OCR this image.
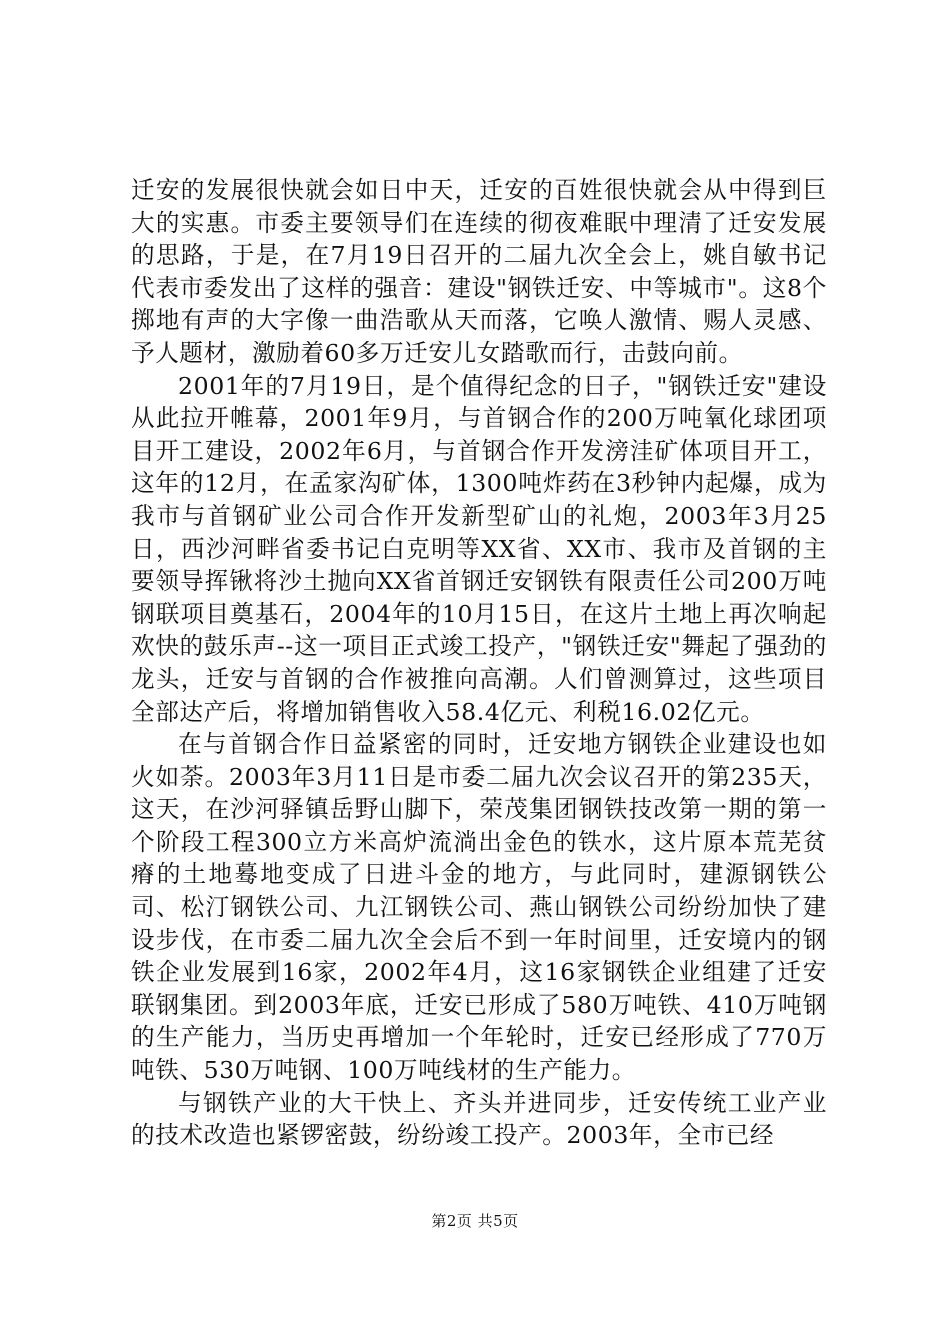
迁安的发展很快就会如日中天，迁安的百姓很快就会从中得到巨大的实惠。市委主要领导们在连续的彻夜难眠中理清了迁安发展的思路，于是，在7月19日召开的二届九次全会上，姚自敏书记代表市委发出了这样的强音：建设"钢铁迁安、中等城市"。这8个掷地有声的大字像一曲浩歌从天而落，它唤人激情、赐人灵感、予人题材，激励着60多万迁安儿女踏歌而行，击鼓向前。

2001年的7月19日，是个值得纪念的日子，"钢铁迁安"建设从此拉开帷幕，2001年9月，与首钢合作的200万吨氧化球团项目开工建设，2002年6月，与首钢合作开发滂洼矿体项目开工，这年的12月，在孟家沟矿体，1300吨炸药在3秒钟内起爆，成为我市与首钢矿业公司合作开发新型矿山的礼炮，2003年3月25日，西沙河畔省委书记白克明等XX省、XX市、我市及首钢的主要领导挥锹将沙土抛向XX省首钢迁安钢铁有限责任公司200万吨钢联项目奠基石，2004年的10月15日，在这片土地上再次响起欢快的鼓乐声--这一项目正式竣工投产，"钢铁迁安"舞起了强劲的龙头，迁安与首钢的合作被推向高潮。人们曾测算过，这些项目全部达产后，将增加销售收入58.4亿元、利税16.02亿元。

在与首钢合作日益紧密的同时，迁安地方钢铁企业建设也如火如荼。2003年3月11日是市委二届九次会议召开的第235天，这天，在沙河驿镇岳野山脚下，荣茂集团钢铁技改第一期的第一个阶段工程300立方米高炉流淌出金色的铁水，这片原本荒芜贫瘠的土地蓦地变成了日进斗金的地方，与此同时，建源钢铁公司、松汀钢铁公司、九江钢铁公司、燕山钢铁公司纷纷加快了建设步伐，在市委二届九次全会后不到一年时间里，迁安境内的钢铁企业发展到16家，2002年4月，这16家钢铁企业组建了迁安联钢集团。到2003年底，迁安已形成了580万吨铁、410万吨钢的生产能力，当历史再增加一个年轮时，迁安已经形成了770万吨铁、530万吨钢、100万吨线材的生产能力。

与钢铁产业的大干快上、齐头并进同步，迁安传统工业产业的技术改造也紧锣密鼓，纷纷竣工投产。2003年，全市已经

第2页 共5页
